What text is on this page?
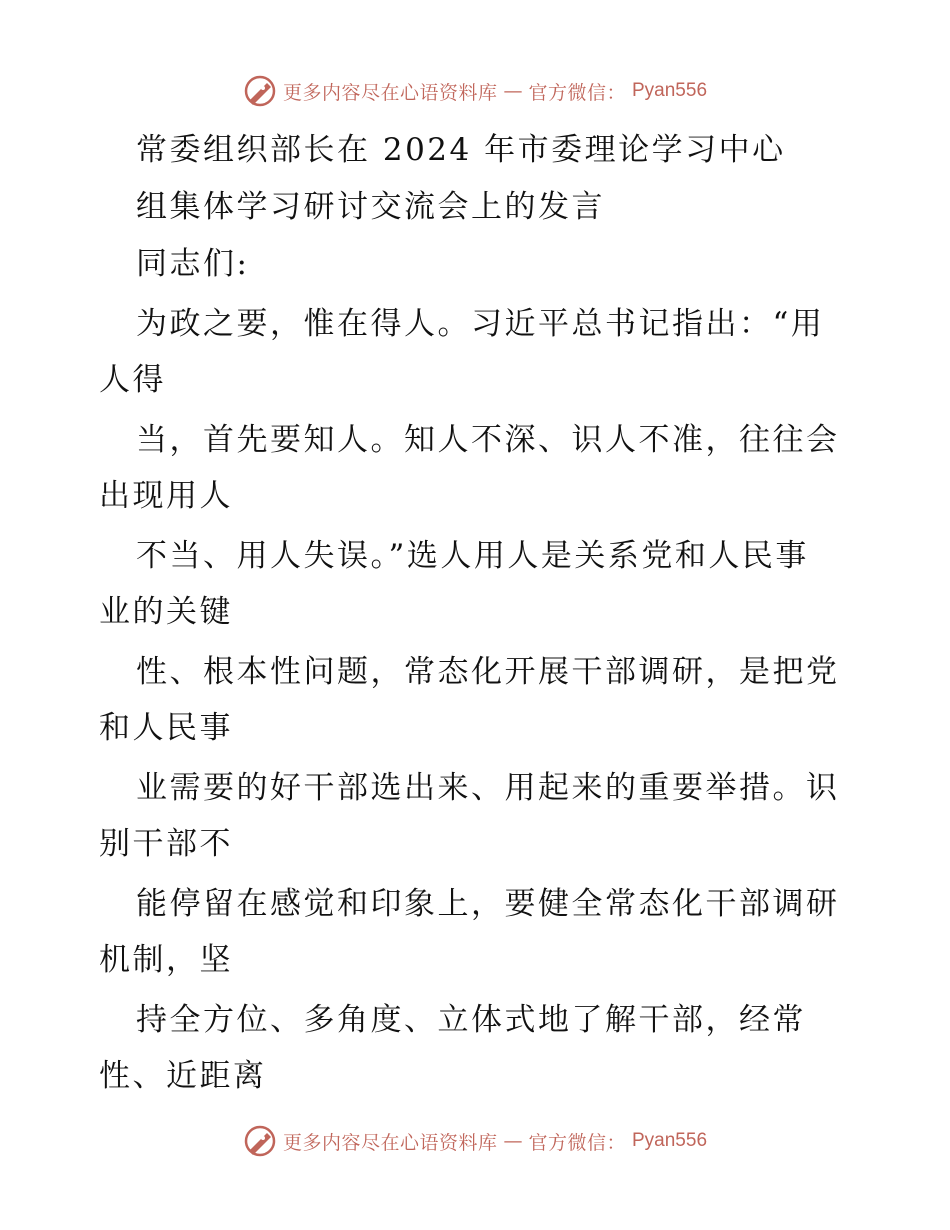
更多内容尽在心语资料库 — 官方微信： Pyan556
常委组织部长在 2024 年市委理论学习中心
组集体学习研讨交流会上的发言
同志们:
为政之要，惟在得人。习近平总书记指出：“用
人得
当，首先要知人。知人不深、识人不准，往往会
出现用人
不当、用人失误。”选人用人是关系党和人民事
业的关键
性、根本性问题，常态化开展干部调研，是把党
和人民事
业需要的好干部选出来、用起来的重要举措。识
别干部不
能停留在感觉和印象上，要健全常态化干部调研
机制，坚
持全方位、多角度、立体式地了解干部，经常
性、近距离
更多内容尽在心语资料库 — 官方微信： Pyan556
